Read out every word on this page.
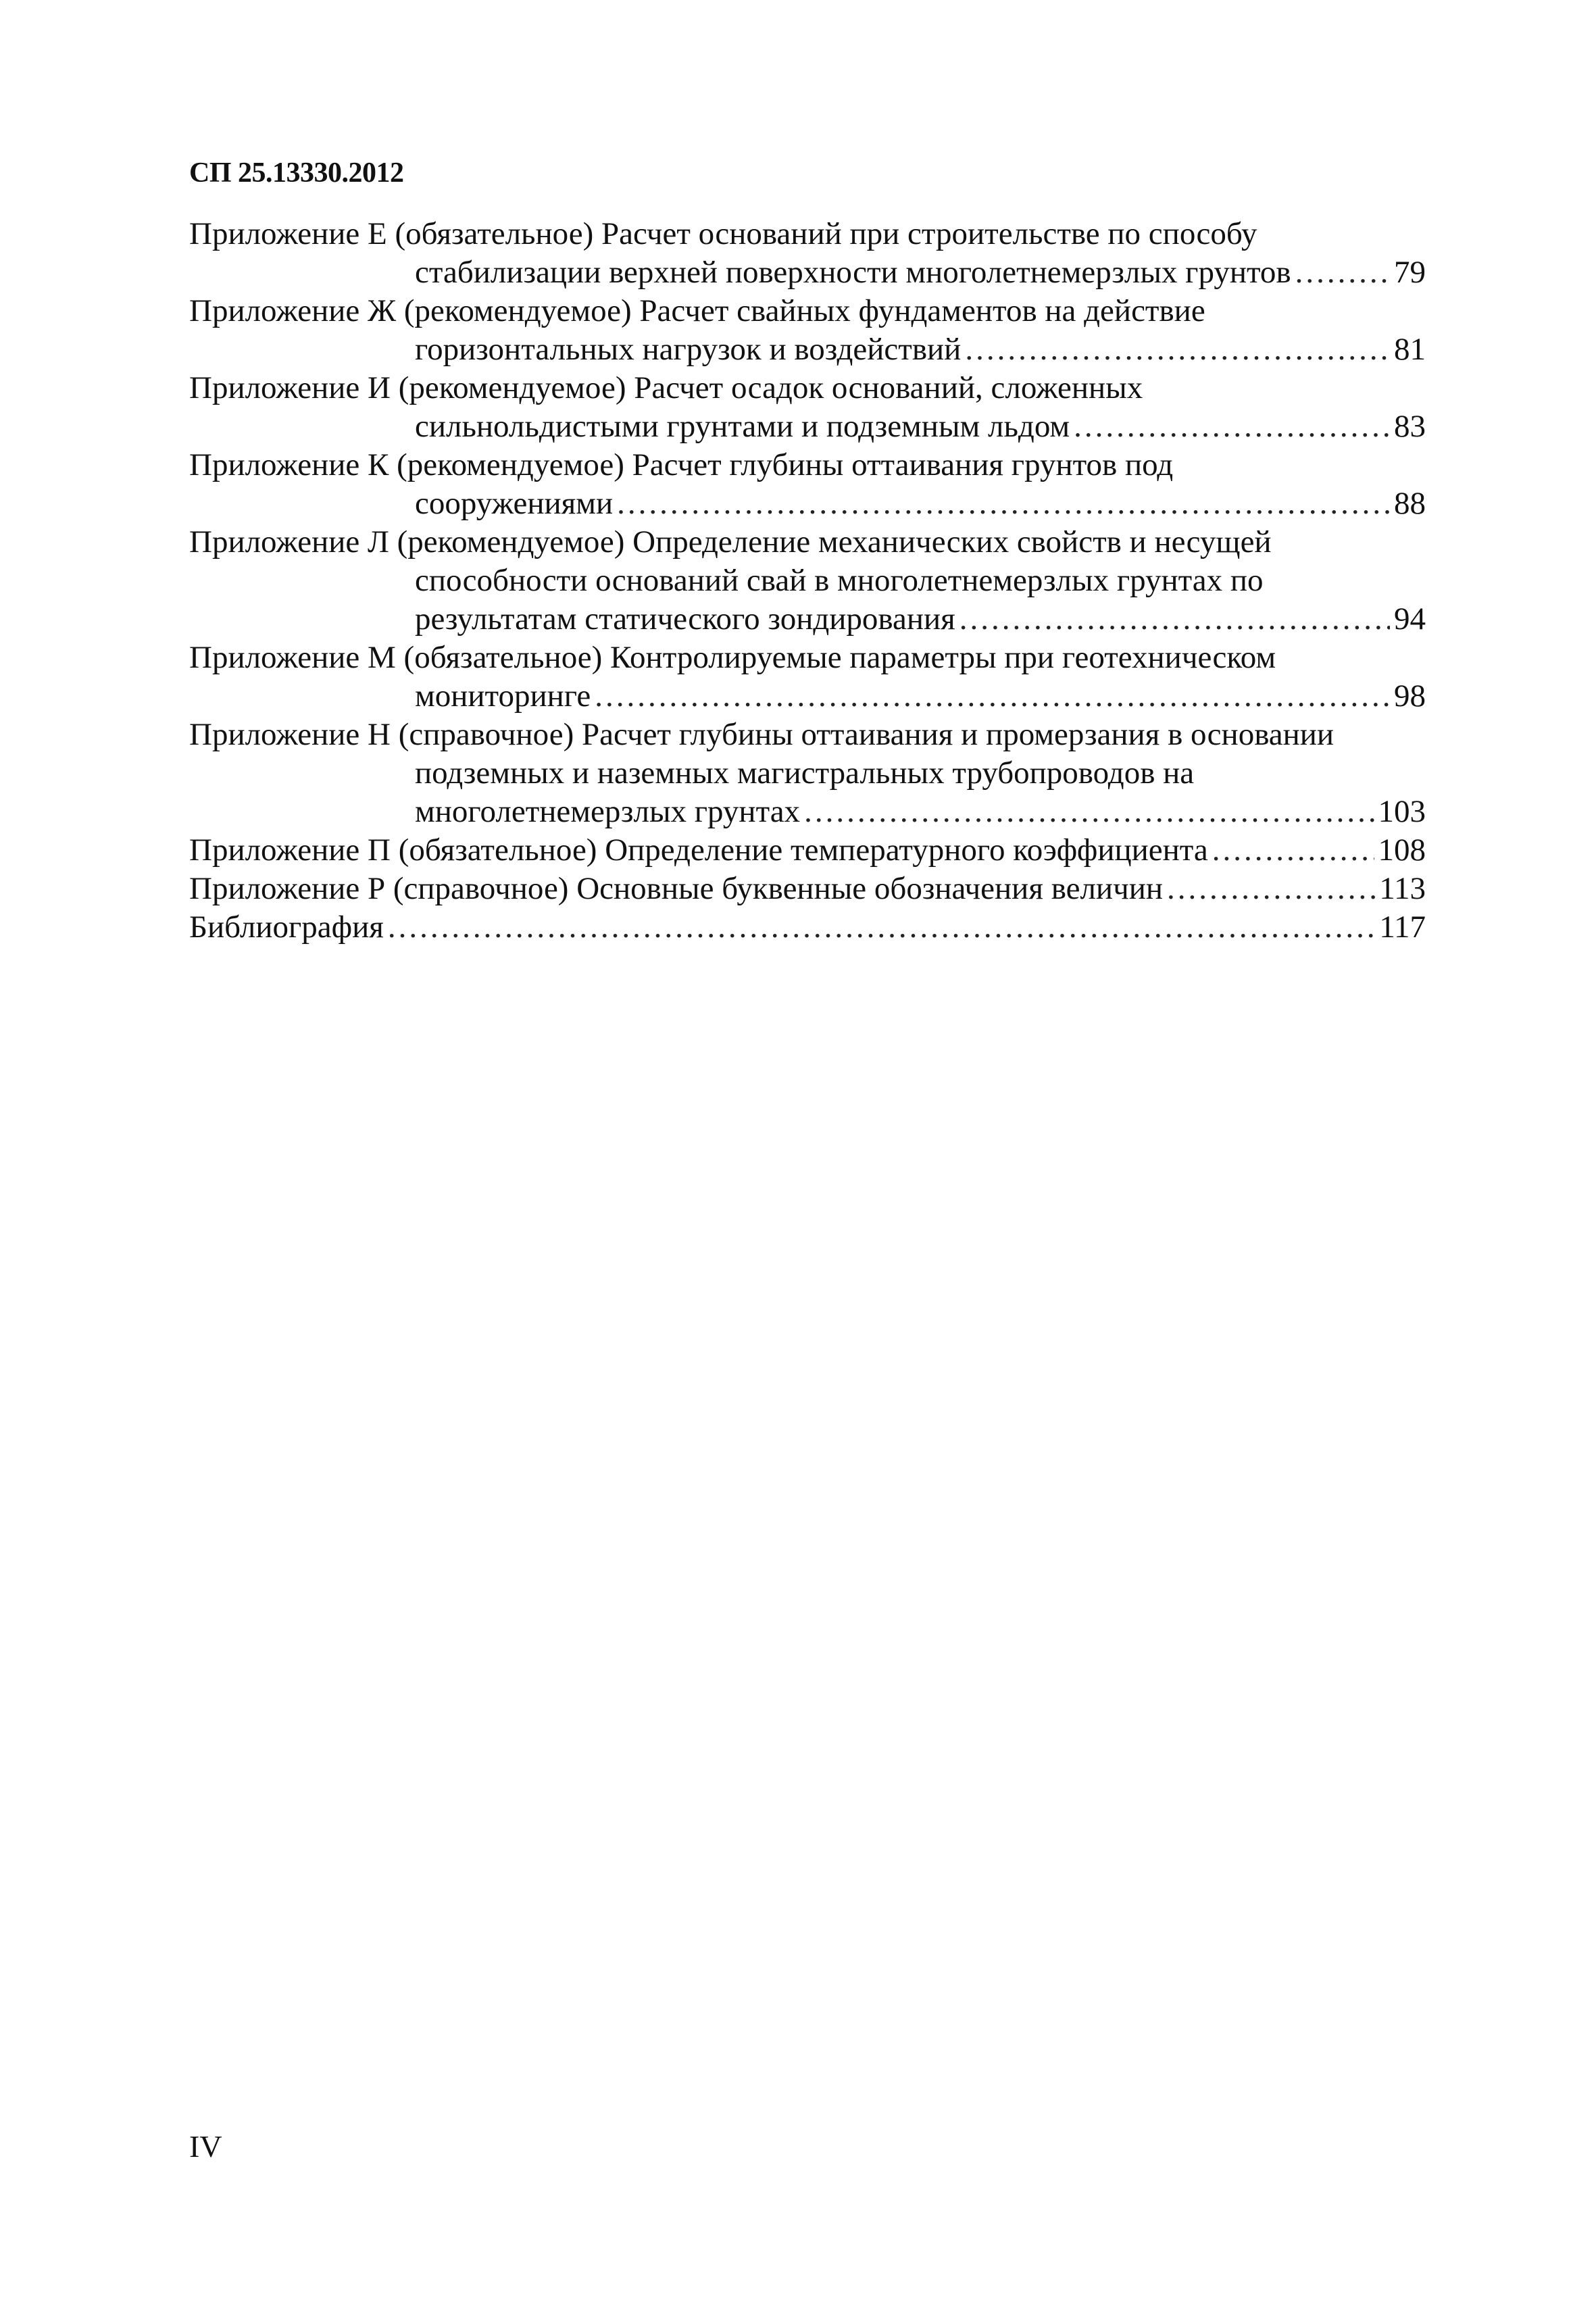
СП 25.13330.2012
Приложение Е (обязательное) Расчет оснований при строительстве по способу
стабилизации верхней поверхности многолетнемерзлых грунтов .....	79
Приложение Ж (рекомендуемое) Расчет свайных фундаментов на действие
горизонтальных нагрузок и воздействий .....	81
Приложение И (рекомендуемое) Расчет осадок оснований, сложенных
сильнольдистыми грунтами и подземным льдом .....	83
Приложение К (рекомендуемое) Расчет глубины оттаивания грунтов под
сооружениями .....	88
Приложение Л (рекомендуемое) Определение механических свойств и несущей
способности оснований свай в многолетнемерзлых грунтах по
результатам статического зондирования .....	94
Приложение М (обязательное) Контролируемые параметры при геотехническом
мониторинге .....	98
Приложение Н (справочное) Расчет глубины оттаивания и промерзания в основании
подземных и наземных магистральных трубопроводов на
многолетнемерзлых грунтах .....	103
Приложение П (обязательное) Определение температурного коэффициента .....	108
Приложение Р (справочное) Основные буквенные обозначения величин .....	113
Библиография .....	117
IV
